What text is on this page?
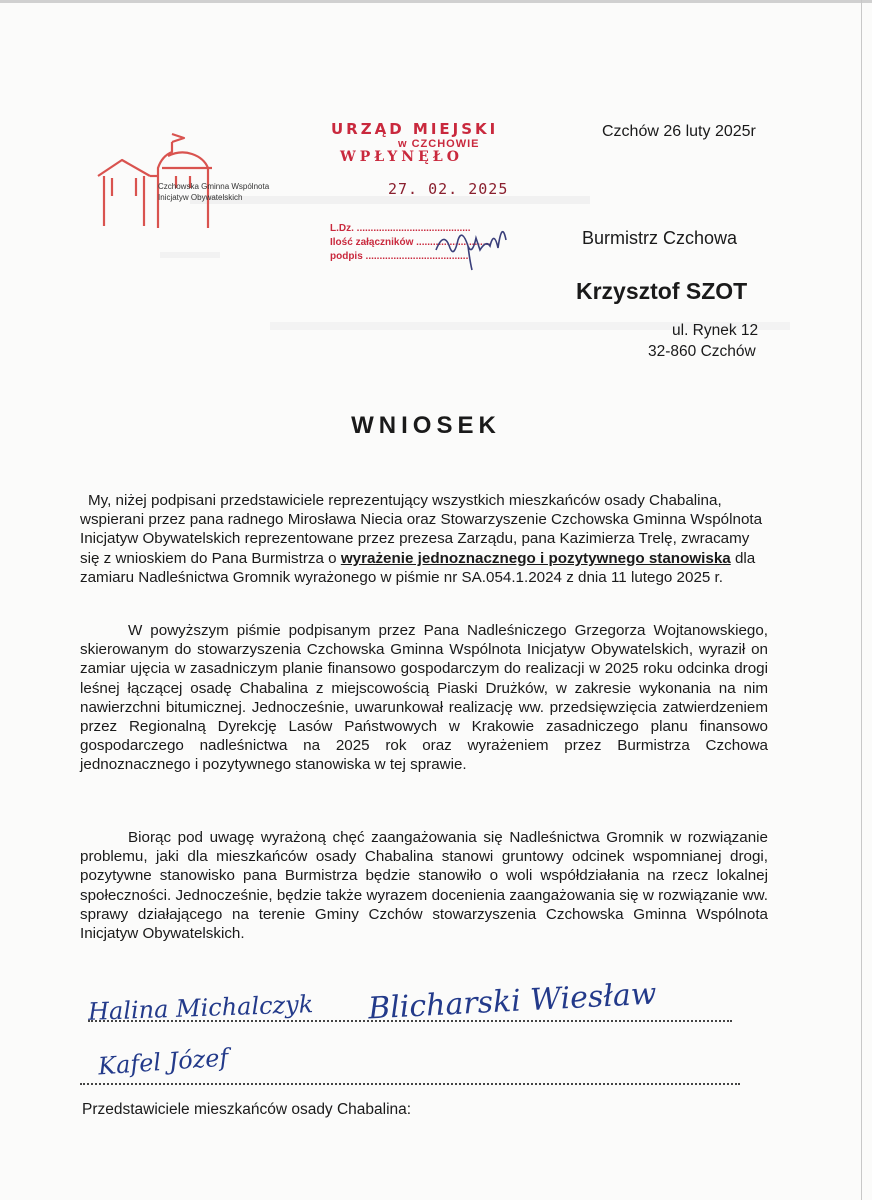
Czchowska Gminna Wspólnota
Inicjatyw Obywatelskich
URZĄD MIEJSKI
w CZCHOWIE
WPŁYNĘŁO
27. 02. 2025
L.Dz. .........................................
Ilość załączników ...........................
podpis ......................................
Czchów 26 luty 2025r
Burmistrz Czchowa
Krzysztof SZOT
ul. Rynek 12
32-860 Czchów
WNIOSEK

My, niżej podpisani przedstawiciele reprezentujący wszystkich mieszkańców osady Chabalina, wspierani przez pana radnego Mirosława Niecia oraz Stowarzyszenie Czchowska Gminna Wspólnota Inicjatyw Obywatelskich reprezentowane przez prezesa Zarządu, pana Kazimierza Trelę, zwracamy się z wnioskiem do Pana Burmistrza o wyrażenie jednoznacznego i pozytywnego stanowiska dla zamiaru Nadleśnictwa Gromnik wyrażonego w piśmie nr SA.054.1.2024 z dnia 11 lutego 2025 r.

W powyższym piśmie podpisanym przez Pana Nadleśniczego Grzegorza Wojtanowskiego, skierowanym do stowarzyszenia Czchowska Gminna Wspólnota Inicjatyw Obywatelskich, wyraził on zamiar ujęcia w zasadniczym planie finansowo gospodarczym do realizacji w 2025 roku odcinka drogi leśnej łączącej osadę Chabalina z miejscowością Piaski Drużków, w zakresie wykonania na nim nawierzchni bitumicznej. Jednocześnie, uwarunkował realizację ww. przedsięwzięcia zatwierdzeniem przez Regionalną Dyrekcję Lasów Państwowych w Krakowie zasadniczego planu finansowo gospodarczego nadleśnictwa na 2025 rok oraz wyrażeniem przez Burmistrza Czchowa jednoznacznego i pozytywnego stanowiska w tej sprawie.

Biorąc pod uwagę wyrażoną chęć zaangażowania się Nadleśnictwa Gromnik w rozwiązanie problemu, jaki dla mieszkańców osady Chabalina stanowi gruntowy odcinek wspomnianej drogi, pozytywne stanowisko pana Burmistrza będzie stanowiło o woli współdziałania na rzecz lokalnej społeczności. Jednocześnie, będzie także wyrazem docenienia zaangażowania się w rozwiązanie ww. sprawy działającego na terenie Gminy Czchów stowarzyszenia Czchowska Gminna Wspólnota Inicjatyw Obywatelskich.

Halina Michalczyk Blicharski Wiesław
Kafel Józef
Przedstawiciele mieszkańców osady Chabalina:
